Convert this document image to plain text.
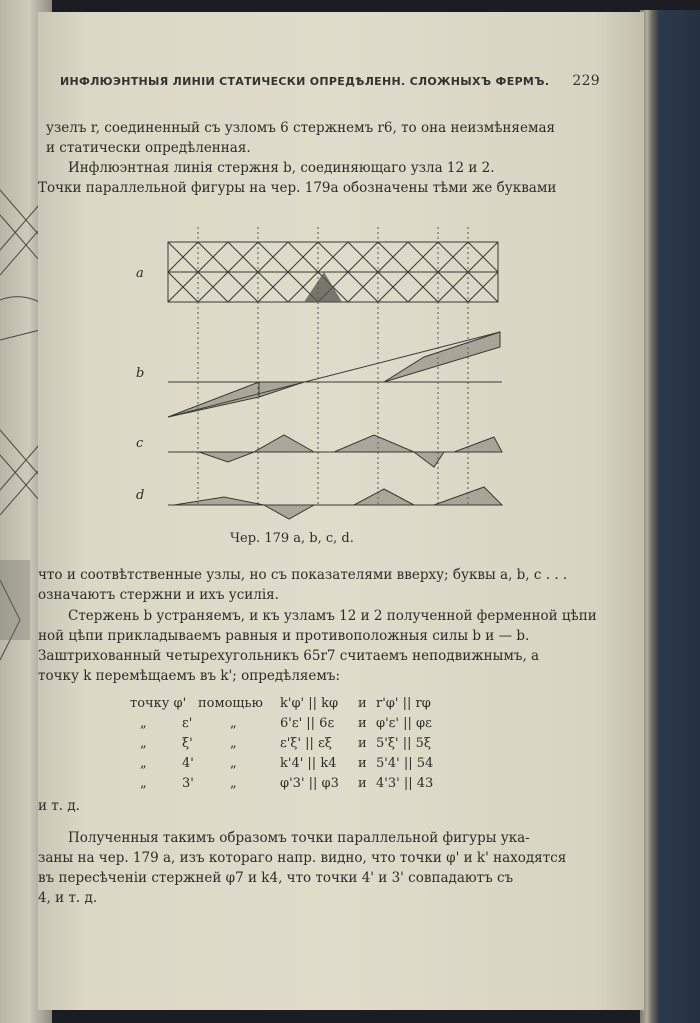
ИНФЛЮЭНТНЫЯ ЛИНІИ СТАТИЧЕСКИ ОПРЕДѢЛЕНН. СЛОЖНЫХЪ ФЕРМЪ. 229
узелъ r, соединенный съ узломъ 6 стержнемъ r6, то она неизмѣняемая
и статически опредѣленная.
Инфлюэнтная линія стержня b, соединяющаго узла 12 и 2.
Точки параллельной фигуры на чер. 179a обозначены тѣми же буквами
a
b
c
d
Чер. 179 a, b, c, d.
что и соотвѣтственные узлы, но съ показателями вверху; буквы a, b, c . . .
означаютъ стержни и ихъ усилія.
Стержень b устраняемъ, и къ узламъ 12 и 2 полученной ферменной цѣпи
ной цѣпи прикладываемъ равныя и противоположныя силы b и — b.
Заштрихованный четырехугольникъ 65r7 считаемъ неподвижнымъ, а
точку k перемѣщаемъ въ k'; опредѣляемъ:
точку φ' помощью k'φ' || kφ и r'φ' || rφ
„	ε'	„	6'ε' || 6ε и φ'ε' || φε
„	ξ'	„	ε'ξ' || εξ и 5'ξ' || 5ξ
„	4'	„	k'4' || k4 и 5'4' || 54
„	3'	„	φ'3' || φ3 и 4'3' || 43
и т. д.
Полученныя такимъ образомъ точки параллельной фигуры ука-
заны на чер. 179 a, изъ котораго напр. видно, что точки φ' и k' находятся
въ пересѣченіи стержней φ7 и k4, что точки 4' и 3' совпадаютъ съ
4, и т. д.
